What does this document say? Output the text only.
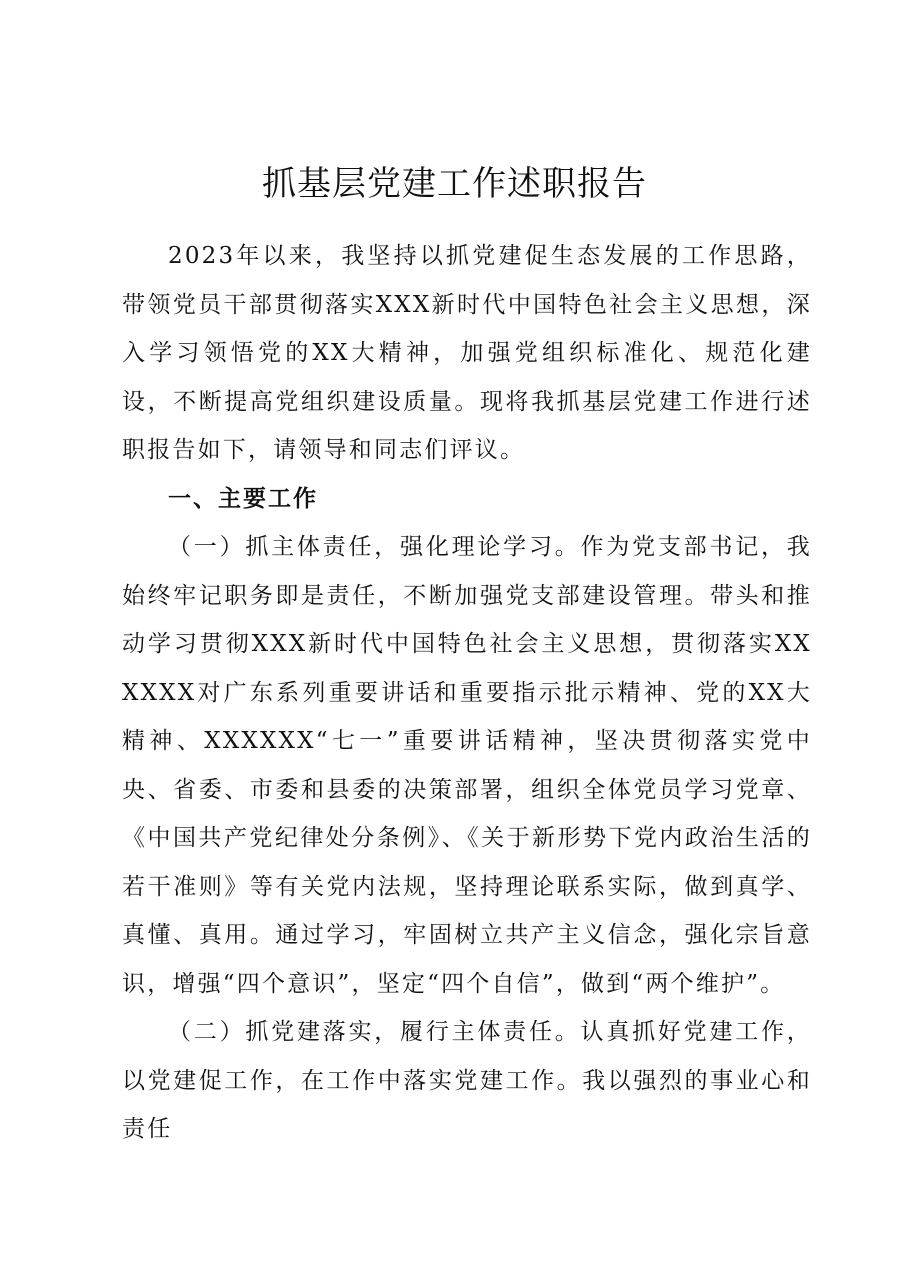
抓基层党建工作述职报告

2023年以来，我坚持以抓党建促生态发展的工作思路，带领党员干部贯彻落实XXX新时代中国特色社会主义思想，深入学习领悟党的XX大精神，加强党组织标准化、规范化建设，不断提高党组织建设质量。现将我抓基层党建工作进行述职报告如下，请领导和同志们评议。

一、主要工作

（一）抓主体责任，强化理论学习。作为党支部书记，我始终牢记职务即是责任，不断加强党支部建设管理。带头和推动学习贯彻XXX新时代中国特色社会主义思想，贯彻落实XXXXXX对广东系列重要讲话和重要指示批示精神、党的XX大精神、XXXXXX“七一”重要讲话精神，坚决贯彻落实党中央、省委、市委和县委的决策部署，组织全体党员学习党章、《中国共产党纪律处分条例》、《关于新形势下党内政治生活的若干准则》等有关党内法规，坚持理论联系实际，做到真学、真懂、真用。通过学习，牢固树立共产主义信念，强化宗旨意识，增强“四个意识”，坚定“四个自信”，做到“两个维护”。

（二）抓党建落实，履行主体责任。认真抓好党建工作，以党建促工作，在工作中落实党建工作。我以强烈的事业心和责任
